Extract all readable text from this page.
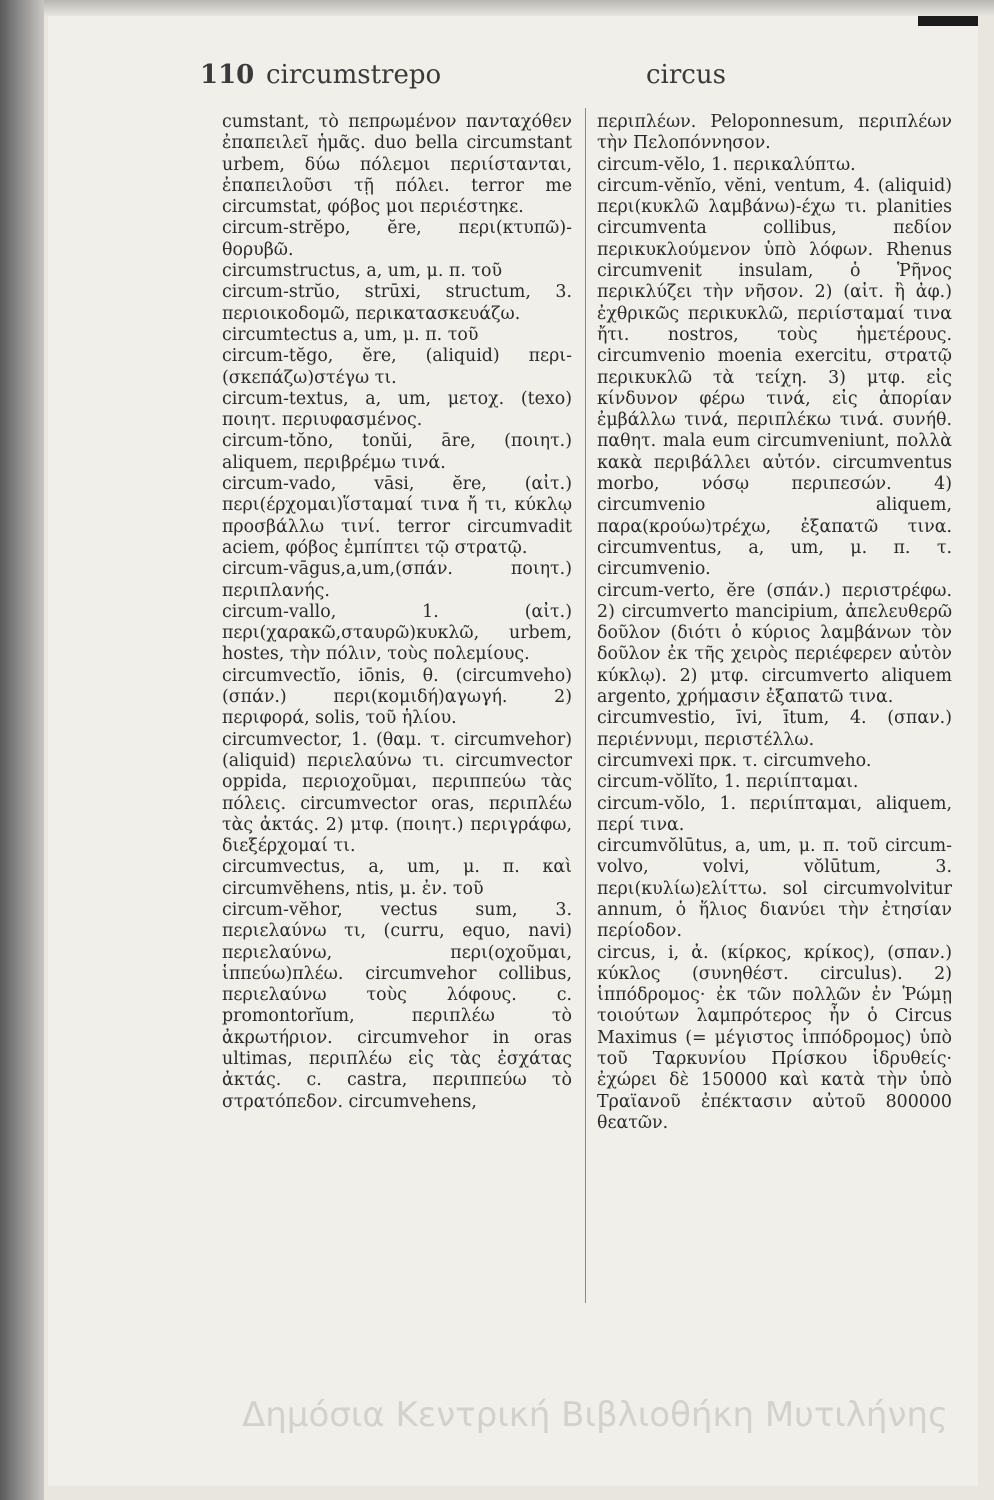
110 circumstrepo	circus

cumstant, τὸ πεπρωμένον πανταχόθεν ἐπαπειλεῖ ἡμᾶς. duo bella circumstant urbem, δύω πόλεμοι περιίστανται, ἐπαπειλοῦσι τῇ πόλει. terror me circumstat, φόβος μοι περιέστηκε.

circum-strĕpo, ĕre, περι(κτυπῶ)-θορυβῶ.

circumstructus, a, um, μ. π. τοῦ

circum-strŭo, strūxi, structum, 3. περιοικοδομῶ, περικατασκευάζω.

circumtectus a, um, μ. π. τοῦ

circum-tĕgo, ĕre, (aliquid) περι-(σκεπάζω)στέγω τι.

circum-textus, a, um, μετοχ. (texo) ποιητ. περιυφασμένος.

circum-tŏno, tonŭi, āre, (ποιητ.) aliquem, περιβρέμω τινά.

circum-vado, vāsi, ĕre, (αἰτ.) περι(έρχομαι)ἵσταμαί τινα ἤ τι, κύκλῳ προσβάλλω τινί. terror circumvadit aciem, φόβος ἐμπίπτει τῷ στρατῷ.

circum-vāgus,a,um,(σπάν. ποιητ.) περιπλανής.

circum-vallo, 1. (αἰτ.) περι(χαρακῶ,σταυρῶ)κυκλῶ, urbem, hostes, τὴν πόλιν, τοὺς πολεμίους.

circumvectĭo, iōnis, θ. (circumveho) (σπάν.) περι(κομιδή)αγωγή. 2) περιφορά, solis, τοῦ ἡλίου.

circumvector, 1. (θαμ. τ. circumvehor) (aliquid) περιελαύνω τι. circumvector oppida, περιοχοῦμαι, περιππεύω τὰς πόλεις. circumvector oras, περιπλέω τὰς ἀκτάς. 2) μτφ. (ποιητ.) περιγράφω, διεξέρχομαί τι.

circumvectus, a, um, μ. π. καὶ circumvĕhens, ntis, μ. ἐν. τοῦ

circum-vĕhor, vectus sum, 3. περιελαύνω τι, (curru, equo, navi) περιελαύνω, περι(οχοῦμαι, ἱππεύω)πλέω. circumvehor collibus, περιελαύνω τοὺς λόφους. c. promontorĭum, περιπλέω τὸ ἀκρωτήριον. circumvehor in oras ultimas, περιπλέω εἰς τὰς ἐσχάτας ἀκτάς. c. castra, περιππεύω τὸ στρατόπεδον. circumvehens,

περιπλέων. Peloponnesum, περιπλέων τὴν Πελοπόννησον.

circum-vĕlo, 1. περικαλύπτω.

circum-vĕnĭo, vĕni, ventum, 4. (aliquid) περι(κυκλῶ λαμβάνω)-έχω τι. planities circumventa collibus, πεδίον περικυκλούμενον ὑπὸ λόφων. Rhenus circumvenit insulam, ὁ Ῥῆνος περικλύζει τὴν νῆσον. 2) (αἰτ. ἢ ἀφ.) ἐχθρικῶς περικυκλῶ, περιίσταμαί τινα ἤτι. nostros, τοὺς ἡμετέρους. circumvenio moenia exercitu, στρατῷ περικυκλῶ τὰ τείχη. 3) μτφ. εἰς κίνδυνον φέρω τινά, εἰς ἀπορίαν ἐμβάλλω τινά, περιπλέκω τινά. συνήθ. παθητ. mala eum circumveniunt, πολλὰ κακὰ περιβάλλει αὐτόν. circumventus morbo, νόσῳ περιπεσών. 4) circumvenio aliquem, παρα(κρούω)τρέχω, ἐξαπατῶ τινα. circumventus, a, um, μ. π. τ. circumvenio.

circum-verto, ĕre (σπάν.) περιστρέφω. 2) circumverto mancipium, ἀπελευθερῶ δοῦλον (διότι ὁ κύριος λαμβάνων τὸν δοῦλον ἐκ τῆς χειρὸς περιέφερεν αὐτὸν κύκλῳ). 2) μτφ. circumverto aliquem argento, χρήμασιν ἐξαπατῶ τινα.

circumvestio, īvi, ītum, 4. (σπαν.) περιέννυμι, περιστέλλω.

circumvexi πρκ. τ. circumveho.

circum-vŏlĭto, 1. περιίπταμαι.

circum-vŏlo, 1. περιίπταμαι, aliquem, περί τινα.

circumvŏlūtus, a, um, μ. π. τοῦ circum-volvo, volvi, vŏlūtum, 3. περι(κυλίω)ελίττω. sol circumvolvitur annum, ὁ ἥλιος διανύει τὴν ἐτησίαν περίοδον.

circus, i, ἀ. (κίρκος, κρίκος), (σπαν.) κύκλος (συνηθέστ. circulus). 2) ἱππόδρομος· ἐκ τῶν πολλῶν ἐν Ῥώμῃ τοιούτων λαμπρότερος ἦν ὁ Circus Maximus (= μέγιστος ἱππόδρομος) ὑπὸ τοῦ Ταρκυνίου Πρίσκου ἱδρυθείς· ἐχώρει δὲ 150000 καὶ κατὰ τὴν ὑπὸ Τραϊανοῦ ἐπέκτασιν αὐτοῦ 800000 θεατῶν.

Δημόσια Κεντρική Βιβλιοθήκη Μυτιλήνης
